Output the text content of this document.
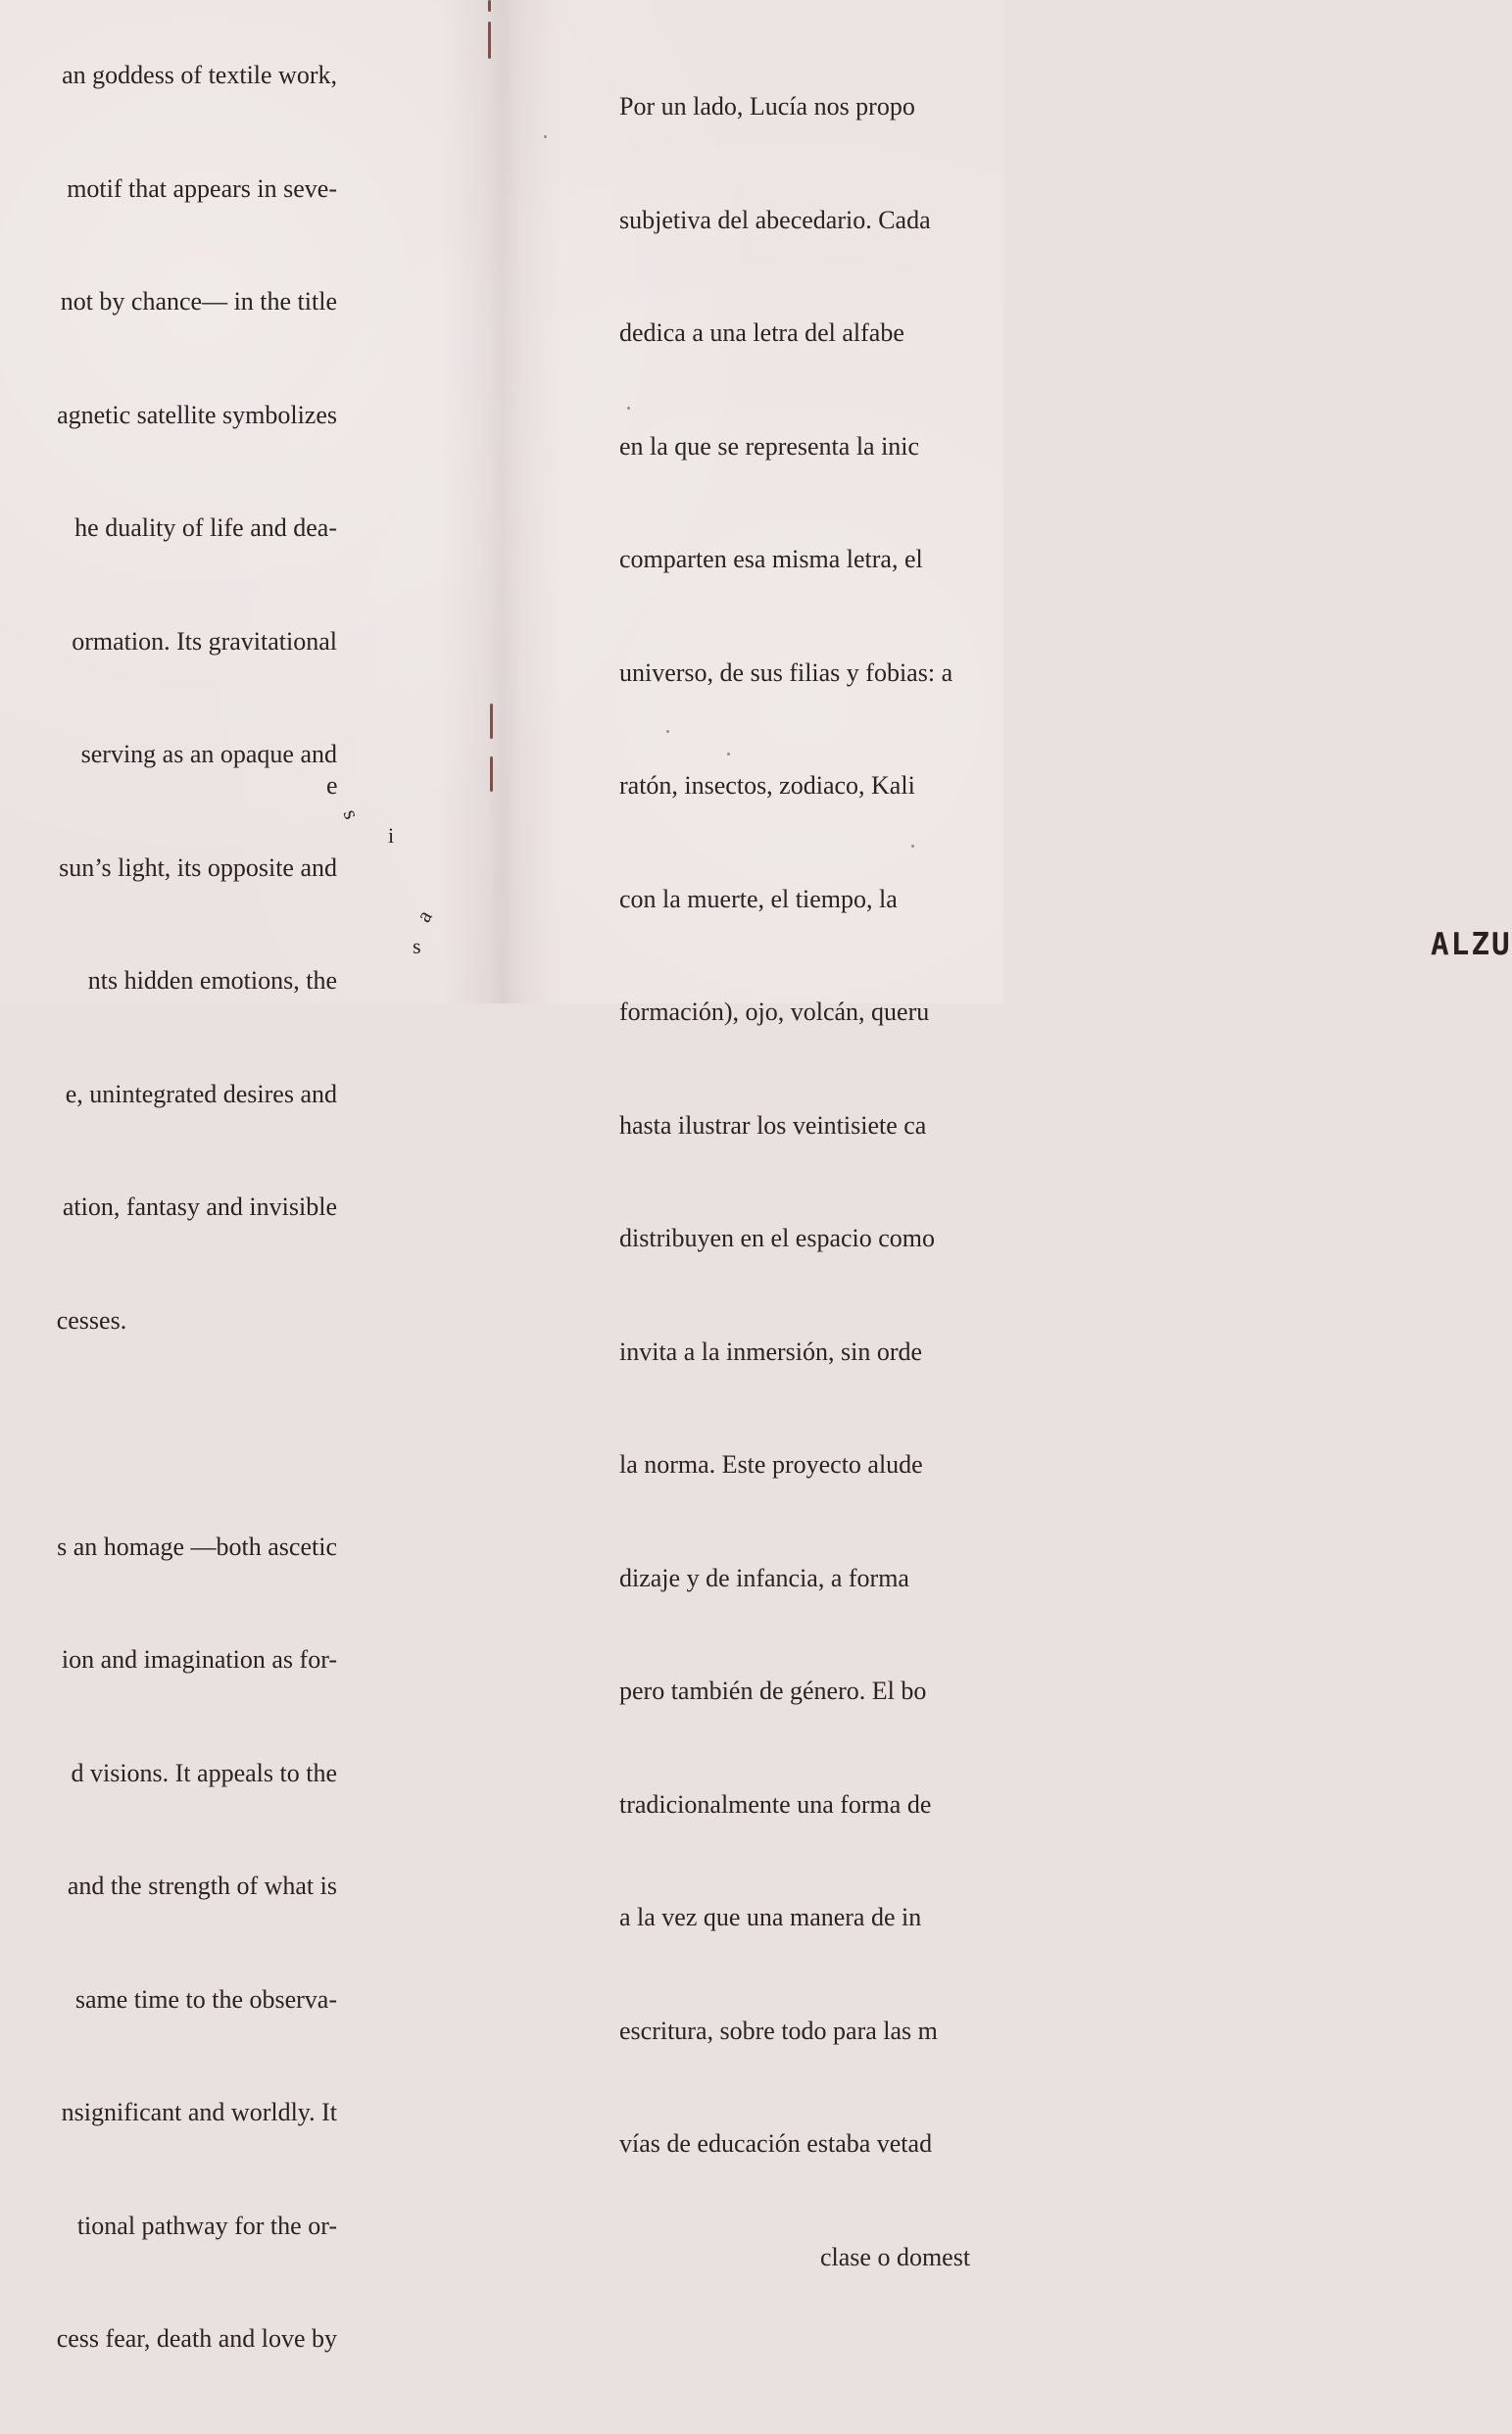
an goddess of textile work,

motif that appears in seve-

not by chance— in the title

agnetic satellite symbolizes

he duality of life and dea-

ormation. Its gravitational

serving as an opaque and

sun’s light, its opposite and

nts hidden emotions, the

e, unintegrated desires and

ation, fantasy and invisible

cesses.

s an homage —both ascetic

ion and imagination as for-

d visions. It appeals to the

and the strength of what is

same time to the observa-

nsignificant and worldly. It

tional pathway for the or-

cess fear, death and love by

e
s
i
a
s

Por un lado, Lucía nos propo

subjetiva del abecedario. Cada

dedica a una letra del alfabe

en la que se representa la inic

comparten esa misma letra, el

universo, de sus filias y fobias: a

ratón, insectos, zodiaco, Kali

con la muerte, el tiempo, la

formación), ojo, volcán, queru

hasta ilustrar los veintisiete ca

distribuyen en el espacio como

invita a la inmersión, sin orde

la norma. Este proyecto alude

dizaje y de infancia, a forma

pero también de género. El bo

tradicionalmente una forma de

a la vez que una manera de in

escritura, sobre todo para las m

vías de educación estaba vetad

clase o domest

ALZU
